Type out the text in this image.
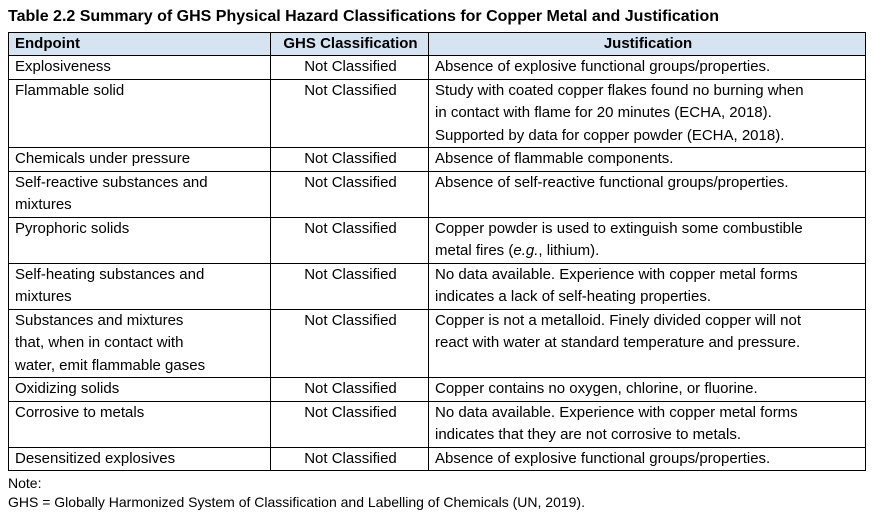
Table 2.2 Summary of GHS Physical Hazard Classifications for Copper Metal and Justification
Endpoint	GHS Classification	Justification

Explosiveness	Not Classified	Absence of explosive functional groups/properties.

Flammable solid	Not Classified	Study with coated copper flakes found no burning when
in contact with flame for 20 minutes (ECHA, 2018).
Supported by data for copper powder (ECHA, 2018).

Chemicals under pressure	Not Classified	Absence of flammable components.

Self-reactive substances and
mixtures	Not Classified	Absence of self-reactive functional groups/properties.

Pyrophoric solids	Not Classified	Copper powder is used to extinguish some combustible
metal fires (e.g., lithium).

Self-heating substances and
mixtures	Not Classified	No data available. Experience with copper metal forms
indicates a lack of self-heating properties.

Substances and mixtures
that, when in contact with
water, emit flammable gases	Not Classified	Copper is not a metalloid. Finely divided copper will not
react with water at standard temperature and pressure.

Oxidizing solids	Not Classified	Copper contains no oxygen, chlorine, or fluorine.

Corrosive to metals	Not Classified	No data available. Experience with copper metal forms
indicates that they are not corrosive to metals.

Desensitized explosives	Not Classified	Absence of explosive functional groups/properties.
Note:
GHS = Globally Harmonized System of Classification and Labelling of Chemicals (UN, 2019).
